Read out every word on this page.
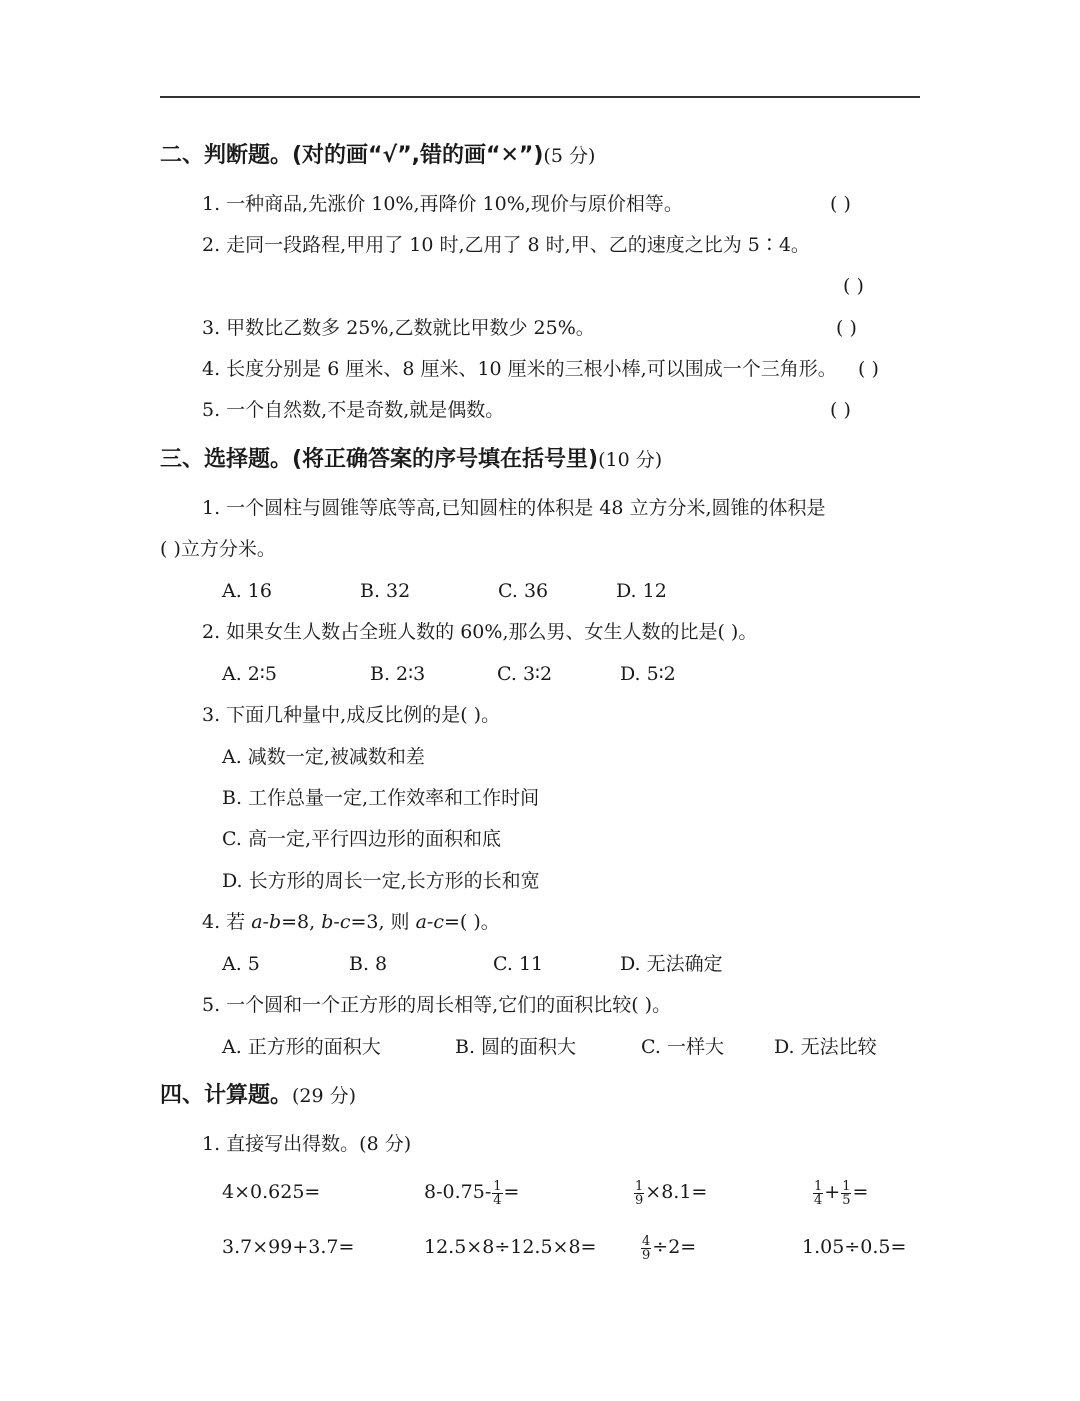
二、判断题。(对的画“√”,错的画“✕”)(5 分)
1. 一种商品,先涨价 10%,再降价 10%,现价与原价相等。	( )
2. 走同一段路程,甲用了 10 时,乙用了 8 时,甲、乙的速度之比为 5∶4。
( )
3. 甲数比乙数多 25%,乙数就比甲数少 25%。	( )
4. 长度分别是 6 厘米、8 厘米、10 厘米的三根小棒,可以围成一个三角形。 ( )
5. 一个自然数,不是奇数,就是偶数。	( )
三、选择题。(将正确答案的序号填在括号里)(10 分)
1. 一个圆柱与圆锥等底等高,已知圆柱的体积是 48 立方分米,圆锥的体积是
( )立方分米。
A. 16	B. 32	C. 36	D. 12
2. 如果女生人数占全班人数的 60%,那么男、女生人数的比是( )。
A. 2∶5	B. 2∶3	C. 3∶2	D. 5∶2
3. 下面几种量中,成反比例的是( )。
A. 减数一定,被减数和差
B. 工作总量一定,工作效率和工作时间
C. 高一定,平行四边形的面积和底
D. 长方形的周长一定,长方形的长和宽
4. 若 a-b=8, b-c=3, 则 a-c=( )。
A. 5	B. 8	C. 11	D. 无法确定
5. 一个圆和一个正方形的周长相等,它们的面积比较( )。
A. 正方形的面积大	B. 圆的面积大	C. 一样大	D. 无法比较
四、计算题。(29 分)
1. 直接写出得数。(8 分)
4×0.625=	$8-0.75- \frac{1}{4}$ =	$\frac{1}{9} \times 8.1=$	$\frac{1}{4} + \frac{1}{5}$ =
3.7×99+3.7=	12.5×8÷12.5×8=	$\frac{4}{9} \div 2=$	1.05÷0.5=
